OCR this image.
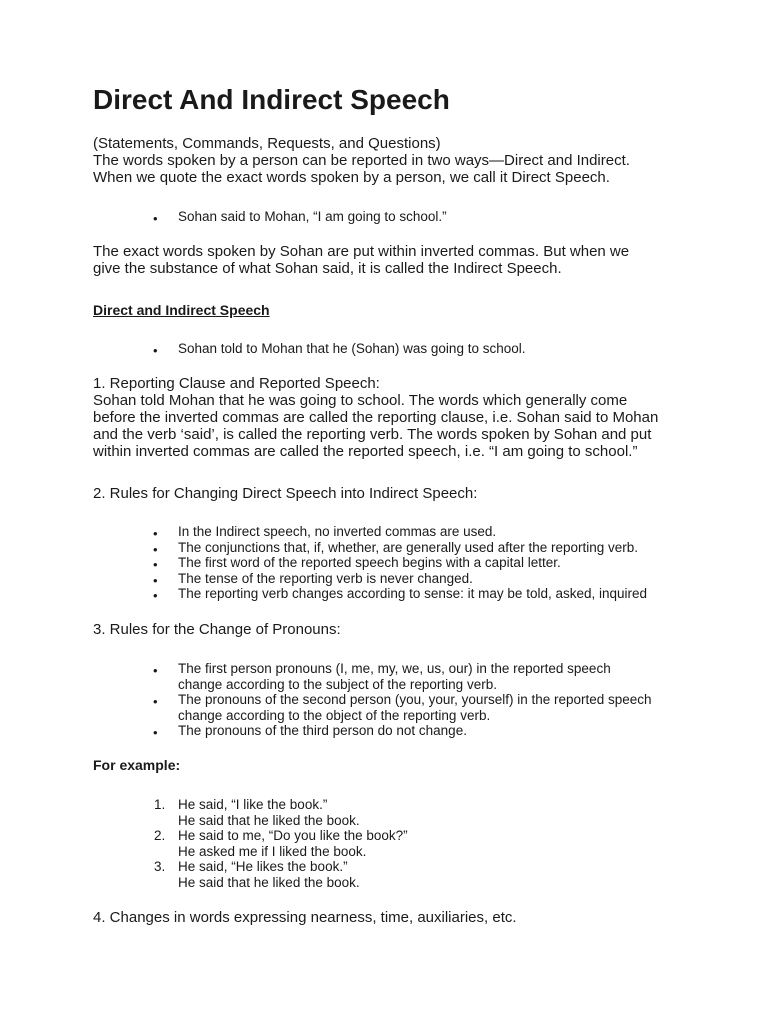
Direct And Indirect Speech

(Statements, Commands, Requests, and Questions)
The words spoken by a person can be reported in two ways—Direct and Indirect.
When we quote the exact words spoken by a person, we call it Direct Speech.

• Sohan said to Mohan, “I am going to school.”

The exact words spoken by Sohan are put within inverted commas. But when we
give the substance of what Sohan said, it is called the Indirect Speech.

Direct and Indirect Speech

• Sohan told to Mohan that he (Sohan) was going to school.

1. Reporting Clause and Reported Speech:
Sohan told Mohan that he was going to school. The words which generally come
before the inverted commas are called the reporting clause, i.e. Sohan said to Mohan
and the verb ‘said’, is called the reporting verb. The words spoken by Sohan and put
within inverted commas are called the reported speech, i.e. “I am going to school.”

2. Rules for Changing Direct Speech into Indirect Speech:

• In the Indirect speech, no inverted commas are used.
• The conjunctions that, if, whether, are generally used after the reporting verb.
• The first word of the reported speech begins with a capital letter.
• The tense of the reporting verb is never changed.
• The reporting verb changes according to sense: it may be told, asked, inquired

3. Rules for the Change of Pronouns:

• The first person pronouns (I, me, my, we, us, our) in the reported speech
change according to the subject of the reporting verb.
• The pronouns of the second person (you, your, yourself) in the reported speech
change according to the object of the reporting verb.
• The pronouns of the third person do not change.

For example:

1. He said, “I like the book.”
He said that he liked the book.
2. He said to me, “Do you like the book?”
He asked me if I liked the book.
3. He said, “He likes the book.”
He said that he liked the book.

4. Changes in words expressing nearness, time, auxiliaries, etc.
